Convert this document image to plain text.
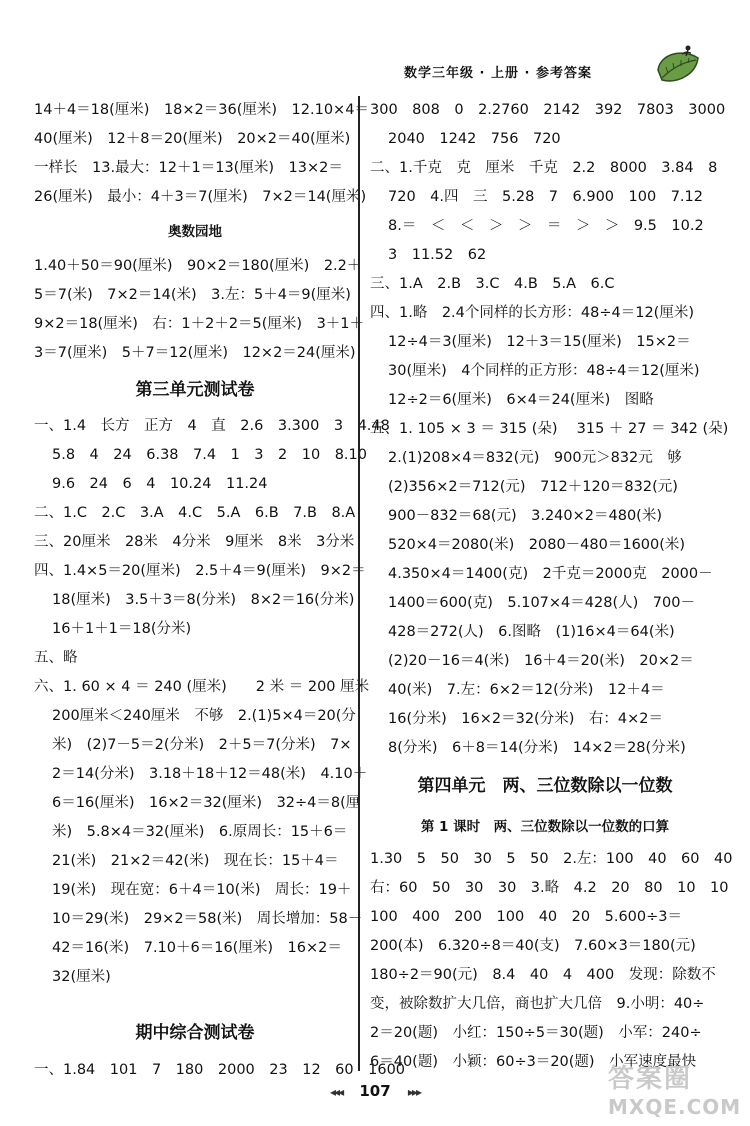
数学三年级 · 上册 · 参考答案
14＋4＝18(厘米)　18×2＝36(厘米)　12.10×4＝
40(厘米)　12＋8＝20(厘米)　20×2＝40(厘米)
一样长　13.最大：12＋1＝13(厘米)　13×2＝
26(厘米)　最小：4＋3＝7(厘米)　7×2＝14(厘米)
奥数园地
1.40＋50＝90(厘米)　90×2＝180(厘米)　2.2＋
5＝7(米)　7×2＝14(米)　3.左：5＋4＝9(厘米)
9×2＝18(厘米)　右：1＋2＋2＝5(厘米)　3＋1＋
3＝7(厘米)　5＋7＝12(厘米)　12×2＝24(厘米)
第三单元测试卷
一、1.4　长方　正方　4　直　2.6　3.300　3　4.48
5.8　4　24　6.38　7.4　1　3　2　10　8.10
9.6　24　6　4　10.24　11.24
二、1.C　2.C　3.A　4.C　5.A　6.B　7.B　8.A
三、20厘米　28米　4分米　9厘米　8米　3分米
四、1.4×5＝20(厘米)　2.5＋4＝9(厘米)　9×2＝
18(厘米)　3.5＋3＝8(分米)　8×2＝16(分米)
16＋1＋1＝18(分米)
五、略
六、1. 60 × 4 ＝ 240 (厘米)　　2 米 ＝ 200 厘米
200厘米＜240厘米　不够　2.(1)5×4＝20(分
米)　(2)7－5＝2(分米)　2＋5＝7(分米)　7×
2＝14(分米)　3.18＋18＋12＝48(米)　4.10＋
6＝16(厘米)　16×2＝32(厘米)　32÷4＝8(厘
米)　5.8×4＝32(厘米)　6.原周长：15＋6＝
21(米)　21×2＝42(米)　现在长：15＋4＝
19(米)　现在宽：6＋4＝10(米)　周长：19＋
10＝29(米)　29×2＝58(米)　周长增加：58－
42＝16(米)　7.10＋6＝16(厘米)　16×2＝
32(厘米)
期中综合测试卷
一、1.84　101　7　180　2000　23　12　60　1600
300　808　0　2.2760　2142　392　7803　3000
2040　1242　756　720
二、1.千克　克　厘米　千克　2.2　8000　3.84　8
720　4.四　三　5.28　7　6.900　100　7.12
8.＝　＜　＜　＞　＞　＝　＞　＞　9.5　10.2
3　11.52　62
三、1.A　2.B　3.C　4.B　5.A　6.C
四、1.略　2.4个同样的长方形：48÷4＝12(厘米)
12÷4＝3(厘米)　12＋3＝15(厘米)　15×2＝
30(厘米)　4个同样的正方形：48÷4＝12(厘米)
12÷2＝6(厘米)　6×4＝24(厘米)　图略
五、1. 105 × 3 ＝ 315 (朵)　 315 ＋ 27 ＝ 342 (朵)
2.(1)208×4＝832(元)　900元＞832元　够
(2)356×2＝712(元)　712＋120＝832(元)
900－832＝68(元)　3.240×2＝480(米)
520×4＝2080(米)　2080－480＝1600(米)
4.350×4＝1400(克)　2千克＝2000克　2000－
1400＝600(克)　5.107×4＝428(人)　700－
428＝272(人)　6.图略　(1)16×4＝64(米)
(2)20－16＝4(米)　16＋4＝20(米)　20×2＝
40(米)　7.左：6×2＝12(分米)　12＋4＝
16(分米)　16×2＝32(分米)　右：4×2＝
8(分米)　6＋8＝14(分米)　14×2＝28(分米)
第四单元　两、三位数除以一位数
第 1 课时　两、三位数除以一位数的口算
1.30　5　50　30　5　50　2.左：100　40　60　40
右：60　50　30　30　3.略　4.2　20　80　10　10
100　400　200　100　40　20　5.600÷3＝
200(本)　6.320÷8＝40(支)　7.60×3＝180(元)
180÷2＝90(元)　8.4　40　4　400　发现：除数不
变，被除数扩大几倍，商也扩大几倍　9.小明：40÷
2＝20(题)　小红：150÷5＝30(题)　小军：240÷
6＝40(题)　小颖：60÷3＝20(题)　小军速度最快
◂◂◂ 107 ▸▸▸	答案圈
MXQE.COM
